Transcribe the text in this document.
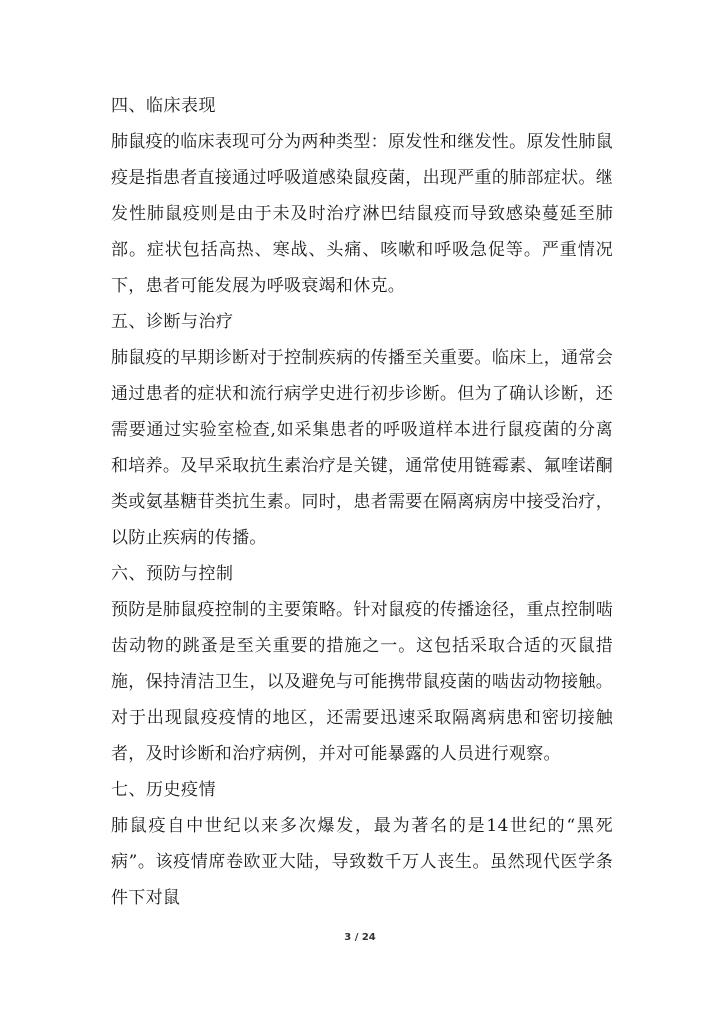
四、临床表现

肺鼠疫的临床表现可分为两种类型：原发性和继发性。原发性肺鼠疫是指患者直接通过呼吸道感染鼠疫菌，出现严重的肺部症状。继发性肺鼠疫则是由于未及时治疗淋巴结鼠疫而导致感染蔓延至肺部。症状包括高热、寒战、头痛、咳嗽和呼吸急促等。严重情况下，患者可能发展为呼吸衰竭和休克。

五、诊断与治疗

肺鼠疫的早期诊断对于控制疾病的传播至关重要。临床上，通常会通过患者的症状和流行病学史进行初步诊断。但为了确认诊断，还需要通过实验室检查,如采集患者的呼吸道样本进行鼠疫菌的分离和培养。及早采取抗生素治疗是关键，通常使用链霉素、氟喹诺酮类或氨基糖苷类抗生素。同时，患者需要在隔离病房中接受治疗，以防止疾病的传播。

六、预防与控制

预防是肺鼠疫控制的主要策略。针对鼠疫的传播途径，重点控制啮齿动物的跳蚤是至关重要的措施之一。这包括采取合适的灭鼠措施，保持清洁卫生，以及避免与可能携带鼠疫菌的啮齿动物接触。对于出现鼠疫疫情的地区，还需要迅速采取隔离病患和密切接触者，及时诊断和治疗病例，并对可能暴露的人员进行观察。

七、历史疫情

肺鼠疫自中世纪以来多次爆发，最为著名的是14世纪的“黑死病”。该疫情席卷欧亚大陆，导致数千万人丧生。虽然现代医学条件下对鼠

3 / 24
